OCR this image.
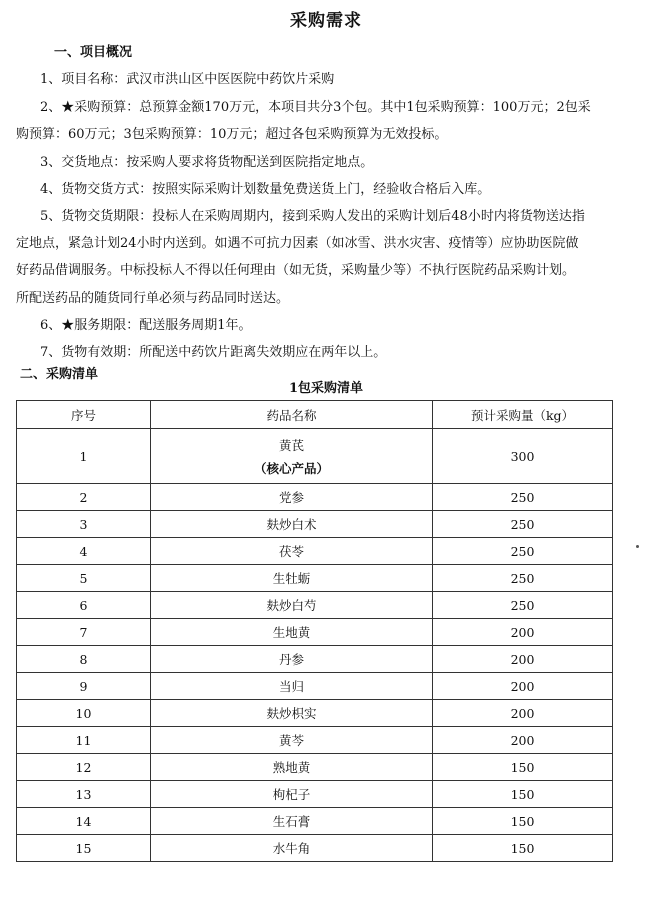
采购需求
一、项目概况
1、项目名称：武汉市洪山区中医医院中药饮片采购
2、★采购预算：总预算金额170万元，本项目共分3个包。其中1包采购预算：100万元；2包采
购预算：60万元；3包采购预算：10万元；超过各包采购预算为无效投标。
3、交货地点：按采购人要求将货物配送到医院指定地点。
4、货物交货方式：按照实际采购计划数量免费送货上门，经验收合格后入库。
5、货物交货期限：投标人在采购周期内，接到采购人发出的采购计划后48小时内将货物送达指
定地点，紧急计划24小时内送到。如遇不可抗力因素（如冰雪、洪水灾害、疫情等）应协助医院做
好药品借调服务。中标投标人不得以任何理由（如无货，采购量少等）不执行医院药品采购计划。
所配送药品的随货同行单必须与药品同时送达。
6、★服务期限：配送服务周期1年。
7、货物有效期：所配送中药饮片距离失效期应在两年以上。
二、采购清单
1包采购清单
序号	药品名称	预计采购量（kg）
1	黄芪
（核心产品）	300
2	党参	250
3	麸炒白术	250
4	茯苓	250
5	生牡蛎	250
6	麸炒白芍	250
7	生地黄	200
8	丹参	200
9	当归	200
10	麸炒枳实	200
11	黄芩	200
12	熟地黄	150
13	枸杞子	150
14	生石膏	150
15	水牛角	150
